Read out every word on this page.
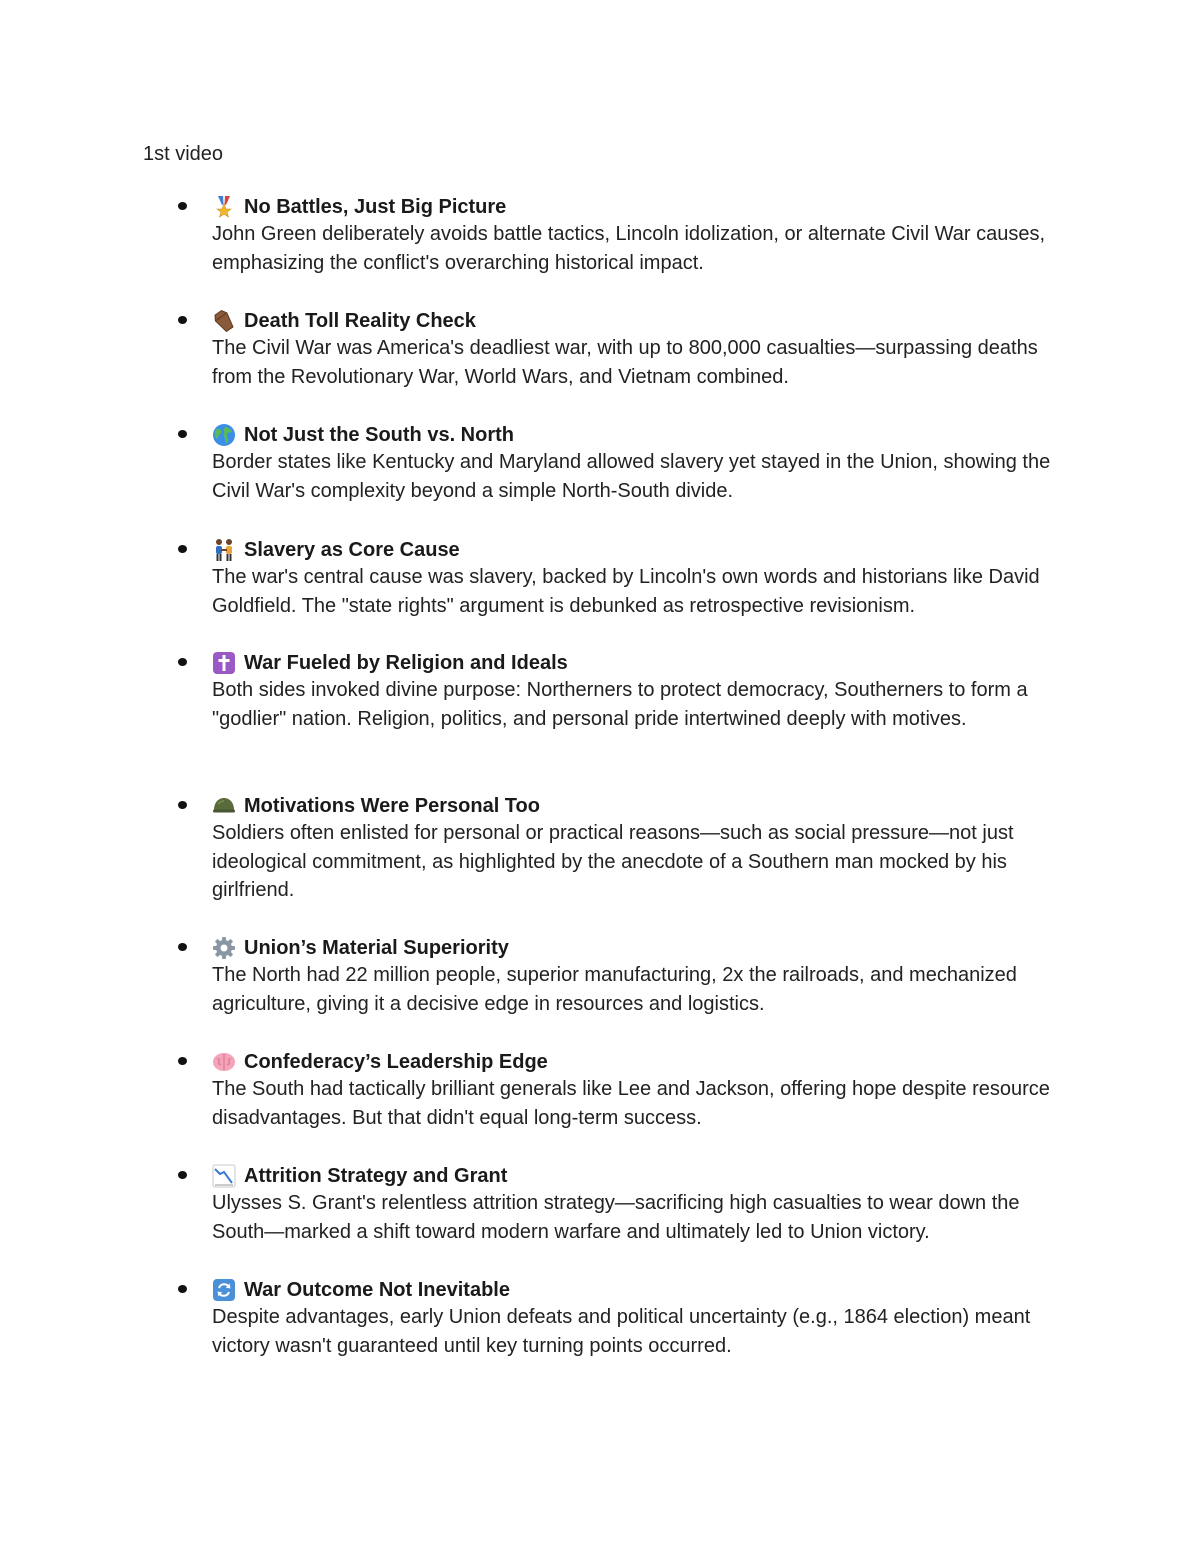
1st video
No Battles, Just Big Picture
John Green deliberately avoids battle tactics, Lincoln idolization, or alternate Civil War causes, emphasizing the conflict's overarching historical impact.
Death Toll Reality Check
The Civil War was America's deadliest war, with up to 800,000 casualties—surpassing deaths from the Revolutionary War, World Wars, and Vietnam combined.
Not Just the South vs. North
Border states like Kentucky and Maryland allowed slavery yet stayed in the Union, showing the Civil War's complexity beyond a simple North-South divide.
Slavery as Core Cause
The war's central cause was slavery, backed by Lincoln's own words and historians like David Goldfield. The "state rights" argument is debunked as retrospective revisionism.
War Fueled by Religion and Ideals
Both sides invoked divine purpose: Northerners to protect democracy, Southerners to form a "godlier" nation. Religion, politics, and personal pride intertwined deeply with motives.
Motivations Were Personal Too
Soldiers often enlisted for personal or practical reasons—such as social pressure—not just ideological commitment, as highlighted by the anecdote of a Southern man mocked by his girlfriend.
Union’s Material Superiority
The North had 22 million people, superior manufacturing, 2x the railroads, and mechanized agriculture, giving it a decisive edge in resources and logistics.
Confederacy’s Leadership Edge
The South had tactically brilliant generals like Lee and Jackson, offering hope despite resource disadvantages. But that didn't equal long-term success.
Attrition Strategy and Grant
Ulysses S. Grant's relentless attrition strategy—sacrificing high casualties to wear down the South—marked a shift toward modern warfare and ultimately led to Union victory.
War Outcome Not Inevitable
Despite advantages, early Union defeats and political uncertainty (e.g., 1864 election) meant victory wasn't guaranteed until key turning points occurred.
